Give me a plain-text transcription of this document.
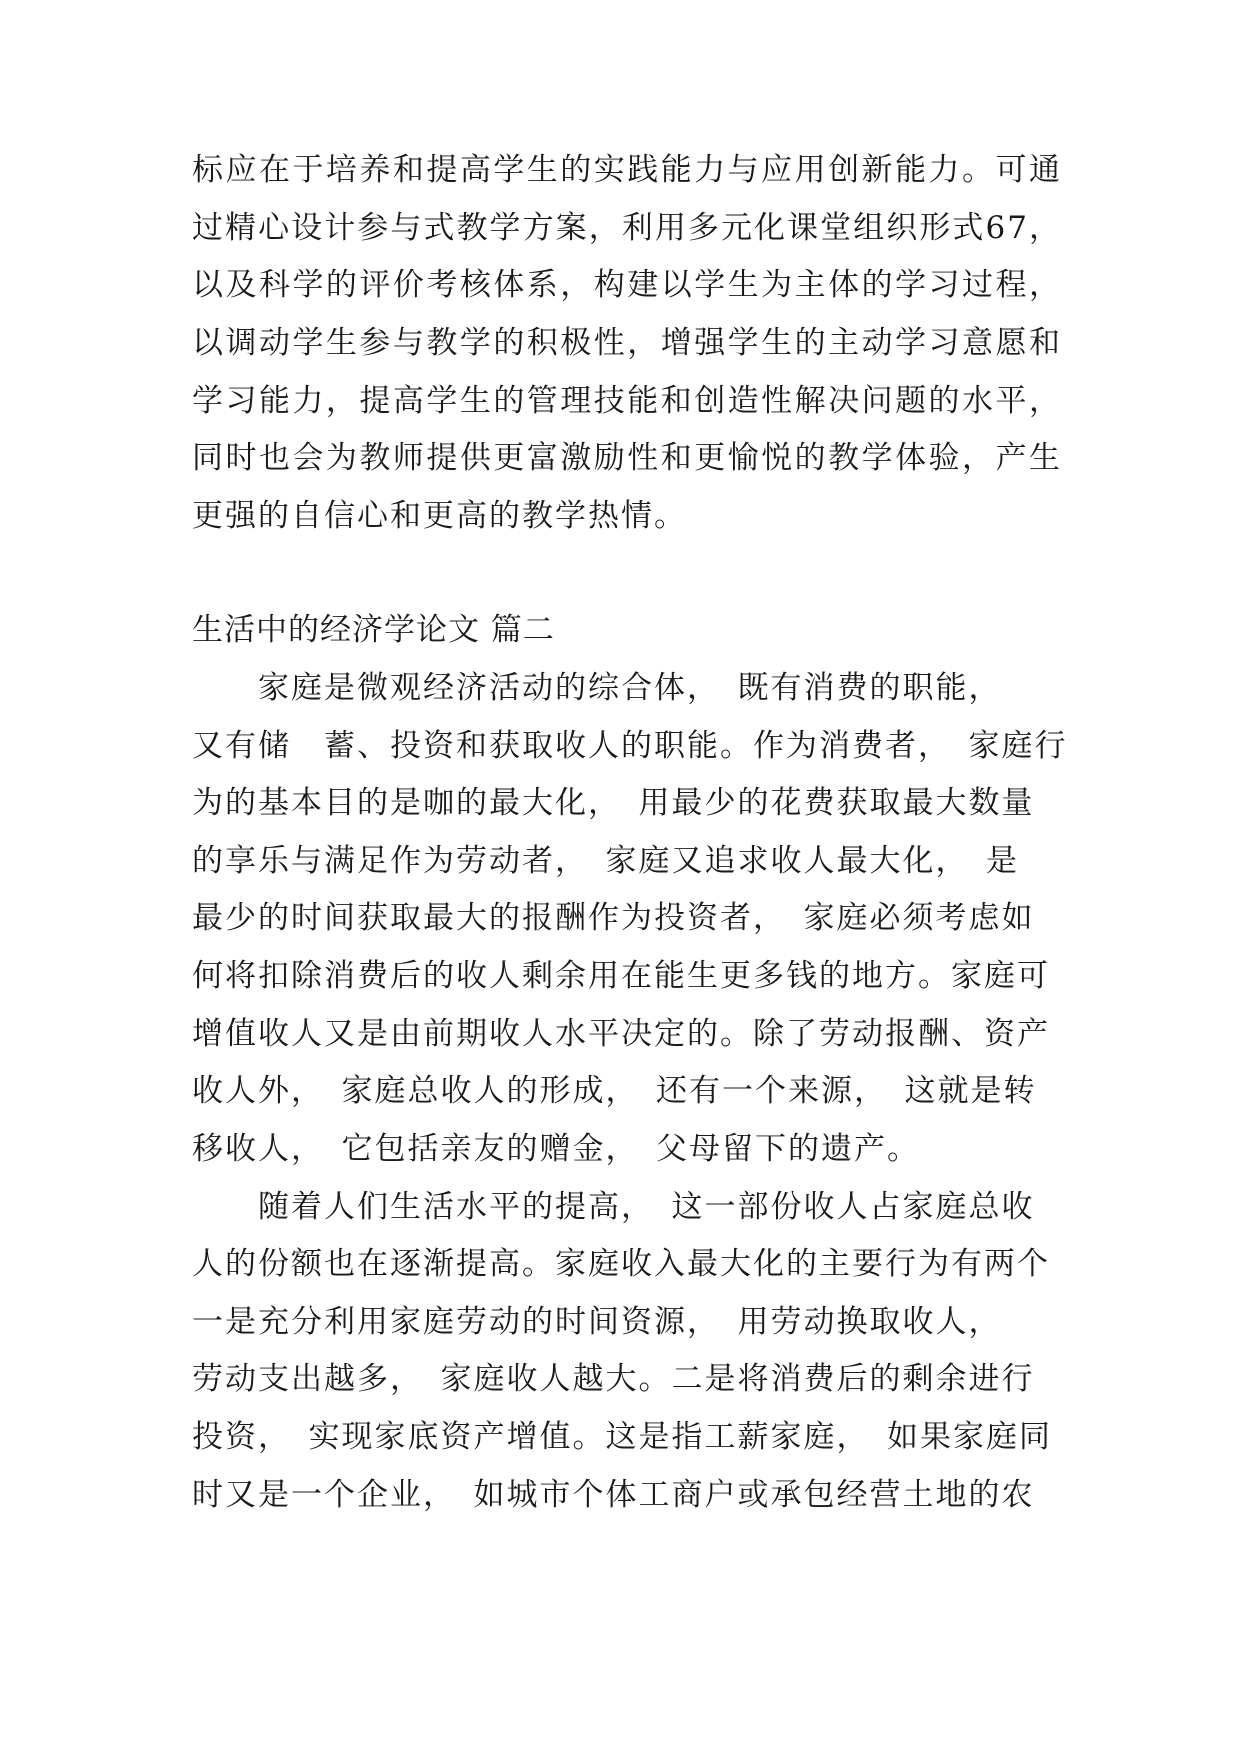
标应在于培养和提高学生的实践能力与应用创新能力。可通
过精心设计参与式教学方案，利用多元化课堂组织形式67，
以及科学的评价考核体系，构建以学生为主体的学习过程，
以调动学生参与教学的积极性，增强学生的主动学习意愿和
学习能力，提高学生的管理技能和创造性解决问题的水平，
同时也会为教师提供更富激励性和更愉悦的教学体验，产生
更强的自信心和更高的教学热情。
生活中的经济学论文 篇二
　　家庭是微观经济活动的综合体，　既有消费的职能，
又有储　蓄、投资和获取收人的职能。作为消费者，　家庭行
为的基本目的是咖的最大化，　用最少的花费获取最大数量
的享乐与满足作为劳动者，　家庭又追求收人最大化，　是
最少的时间获取最大的报酬作为投资者，　家庭必须考虑如
何将扣除消费后的收人剩余用在能生更多钱的地方。家庭可
增值收人又是由前期收人水平决定的。除了劳动报酬、资产
收人外，　家庭总收人的形成，　还有一个来源，　这就是转
移收人，　它包括亲友的赠金，　父母留下的遗产。
　　随着人们生活水平的提高，　这一部份收人占家庭总收
人的份额也在逐渐提高。家庭收入最大化的主要行为有两个
一是充分利用家庭劳动的时间资源，　用劳动换取收人，
劳动支出越多，　家庭收人越大。二是将消费后的剩余进行
投资，　实现家底资产增值。这是指工薪家庭，　如果家庭同
时又是一个企业，　如城市个体工商户或承包经营土地的农
